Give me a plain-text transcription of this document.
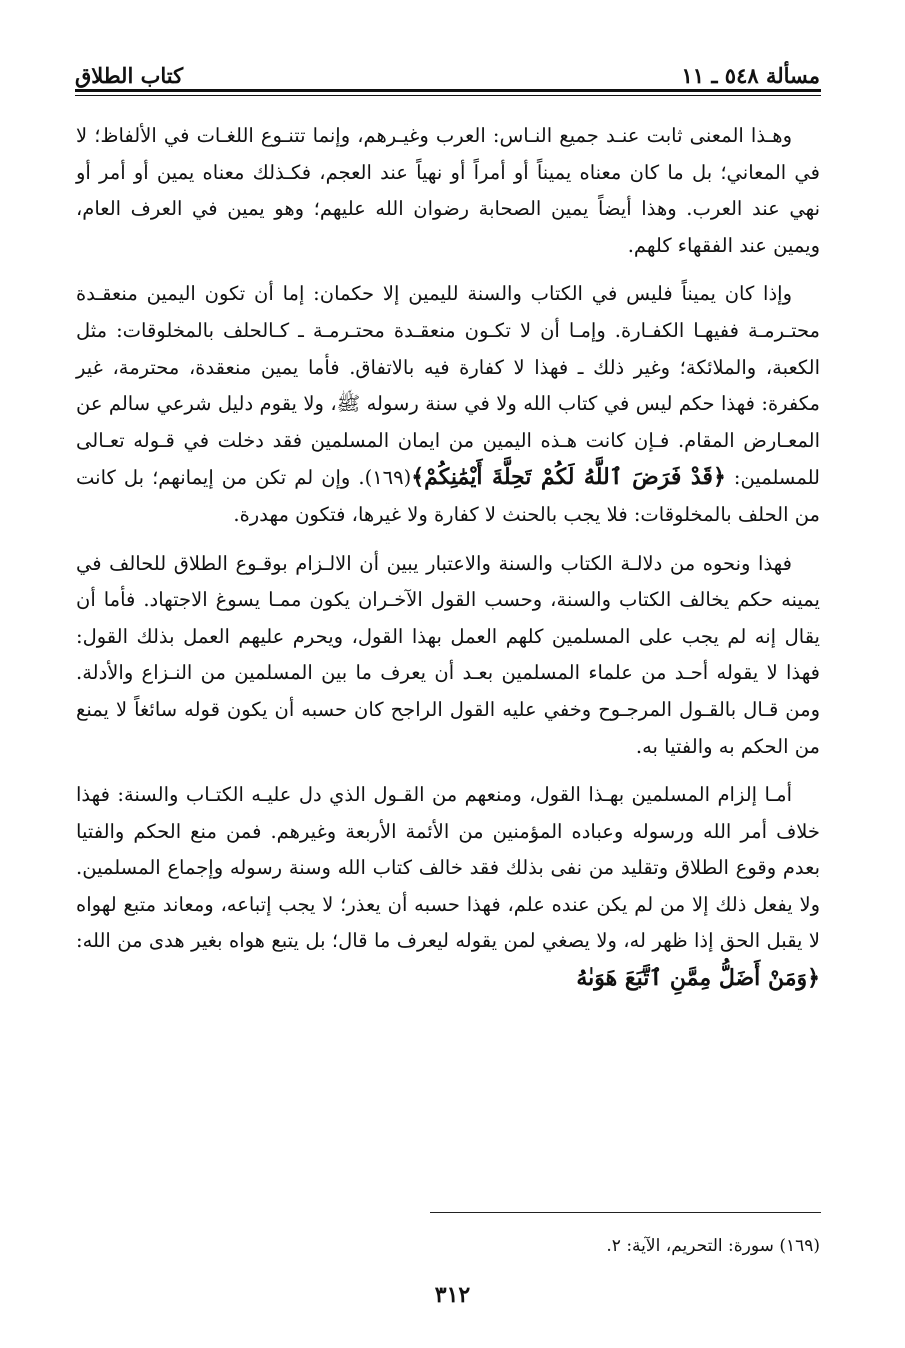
مسألة ٥٤٨ ـ ١١
كتاب الطلاق

وهـذا المعنى ثابت عنـد جميع النـاس: العرب وغيـرهم، وإنما تتنـوع اللغـات في الألفاظ؛ لا في المعاني؛ بل ما كان معناه يميناً أو أمراً أو نهياً عند العجم، فكـذلك معناه يمين أو أمر أو نهي عند العرب. وهذا أيضاً يمين الصحابة رضوان الله عليهم؛ وهو يمين في العرف العام، ويمين عند الفقهاء كلهم.

وإذا كان يميناً فليس في الكتاب والسنة لليمين إلا حكمان: إما أن تكون اليمين منعقـدة محتـرمـة ففيهـا الكفـارة. وإمـا أن لا تكـون منعقـدة محتـرمـة ـ كـالحلف بالمخلوقات: مثل الكعبة، والملائكة؛ وغير ذلك ـ فهذا لا كفارة فيه بالاتفاق. فأما يمين منعقدة، محترمة، غير مكفرة: فهذا حكم ليس في كتاب الله ولا في سنة رسوله ﷺ، ولا يقوم دليل شرعي سالم عن المعـارض المقام. فـإن كانت هـذه اليمين من ايمان المسلمين فقد دخلت في قـوله تعـالى للمسلمين: ﴿قَدْ فَرَضَ ٱللَّهُ لَكُمْ تَحِلَّةَ أَيْمَٰنِكُمْ﴾(١٦٩). وإن لم تكن من إيمانهم؛ بل كانت من الحلف بالمخلوقات: فلا يجب بالحنث لا كفارة ولا غيرها، فتكون مهدرة.

فهذا ونحوه من دلالـة الكتاب والسنة والاعتبار يبين أن الالـزام بوقـوع الطلاق للحالف في يمينه حكم يخالف الكتاب والسنة، وحسب القول الآخـران يكون ممـا يسوغ الاجتهاد. فأما أن يقال إنه لم يجب على المسلمين كلهم العمل بهذا القول، ويحرم عليهم العمل بذلك القول: فهذا لا يقوله أحـد من علماء المسلمين بعـد أن يعرف ما بين المسلمين من النـزاع والأدلة. ومن قـال بالقـول المرجـوح وخفي عليه القول الراجح كان حسبه أن يكون قوله سائغاً لا يمنع من الحكم به والفتيا به.

أمـا إلزام المسلمين بهـذا القول، ومنعهم من القـول الذي دل عليـه الكتـاب والسنة: فهذا خلاف أمر الله ورسوله وعباده المؤمنين من الأئمة الأربعة وغيرهم. فمن منع الحكم والفتيا بعدم وقوع الطلاق وتقليد من نفى بذلك فقد خالف كتاب الله وسنة رسوله وإجماع المسلمين. ولا يفعل ذلك إلا من لم يكن عنده علم، فهذا حسبه أن يعذر؛ لا يجب إتباعه، ومعاند متبع لهواه لا يقبل الحق إذا ظهر له، ولا يصغي لمن يقوله ليعرف ما قال؛ بل يتبع هواه بغير هدى من الله: ﴿وَمَنْ أَضَلُّ مِمَّنِ ٱتَّبَعَ هَوَىٰهُ

(١٦٩) سورة: التحريم، الآية: ٢.
٣١٢
